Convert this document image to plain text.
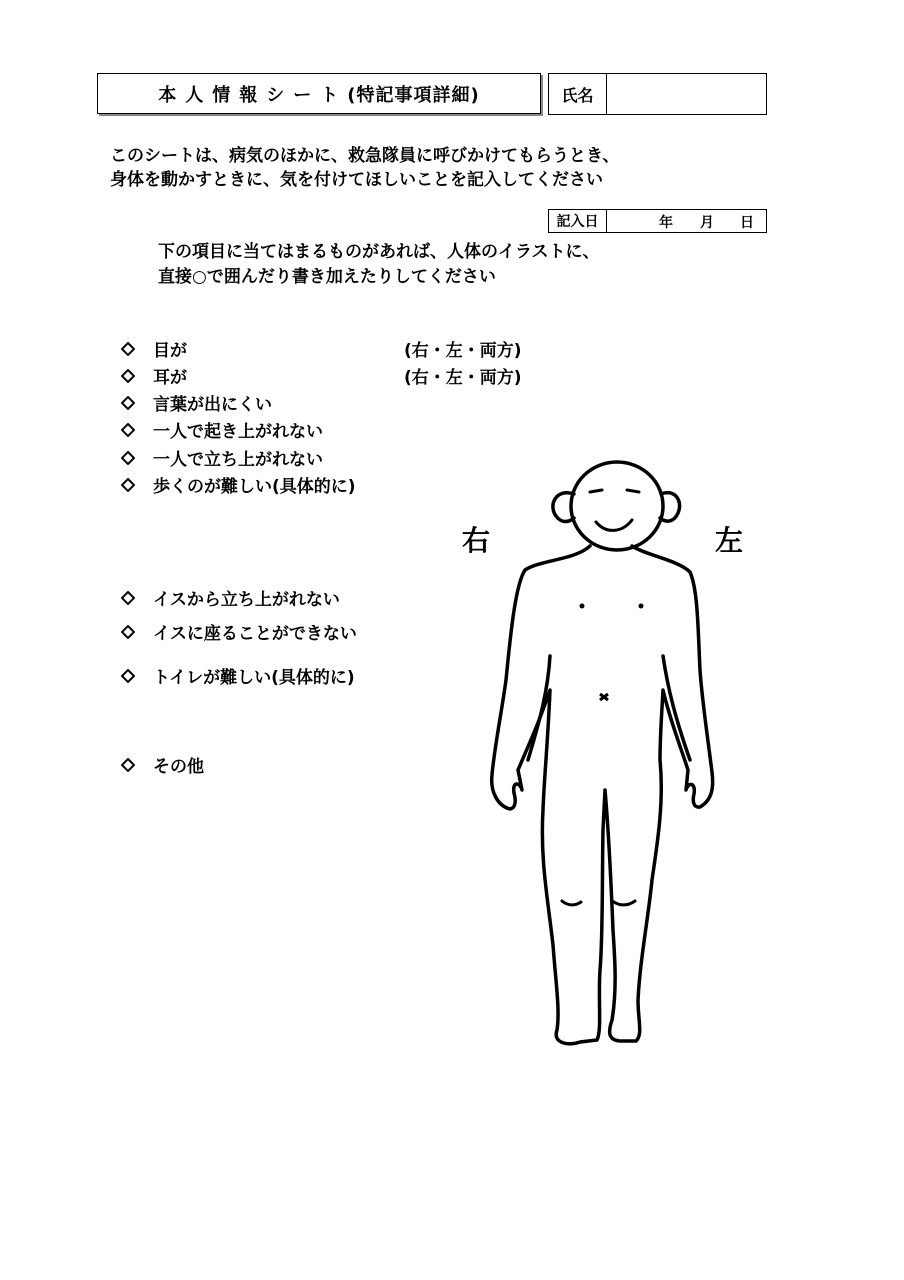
本人情報シート (特記事項詳細)	氏名
このシートは、病気のほかに、救急隊員に呼びかけてもらうとき、
身体を動かすときに、気を付けてほしいことを記入してください
記入日	年 月 日
下の項目に当てはまるものがあれば、人体のイラストに、
直接○で囲んだり書き加えたりしてください
目が	(右・左・両方)
耳が	(右・左・両方)
言葉が出にくい
一人で起き上がれない
一人で立ち上がれない
歩くのが難しい(具体的に)
イスから立ち上がれない
イスに座ることができない
トイレが難しい(具体的に)
その他
右	左
